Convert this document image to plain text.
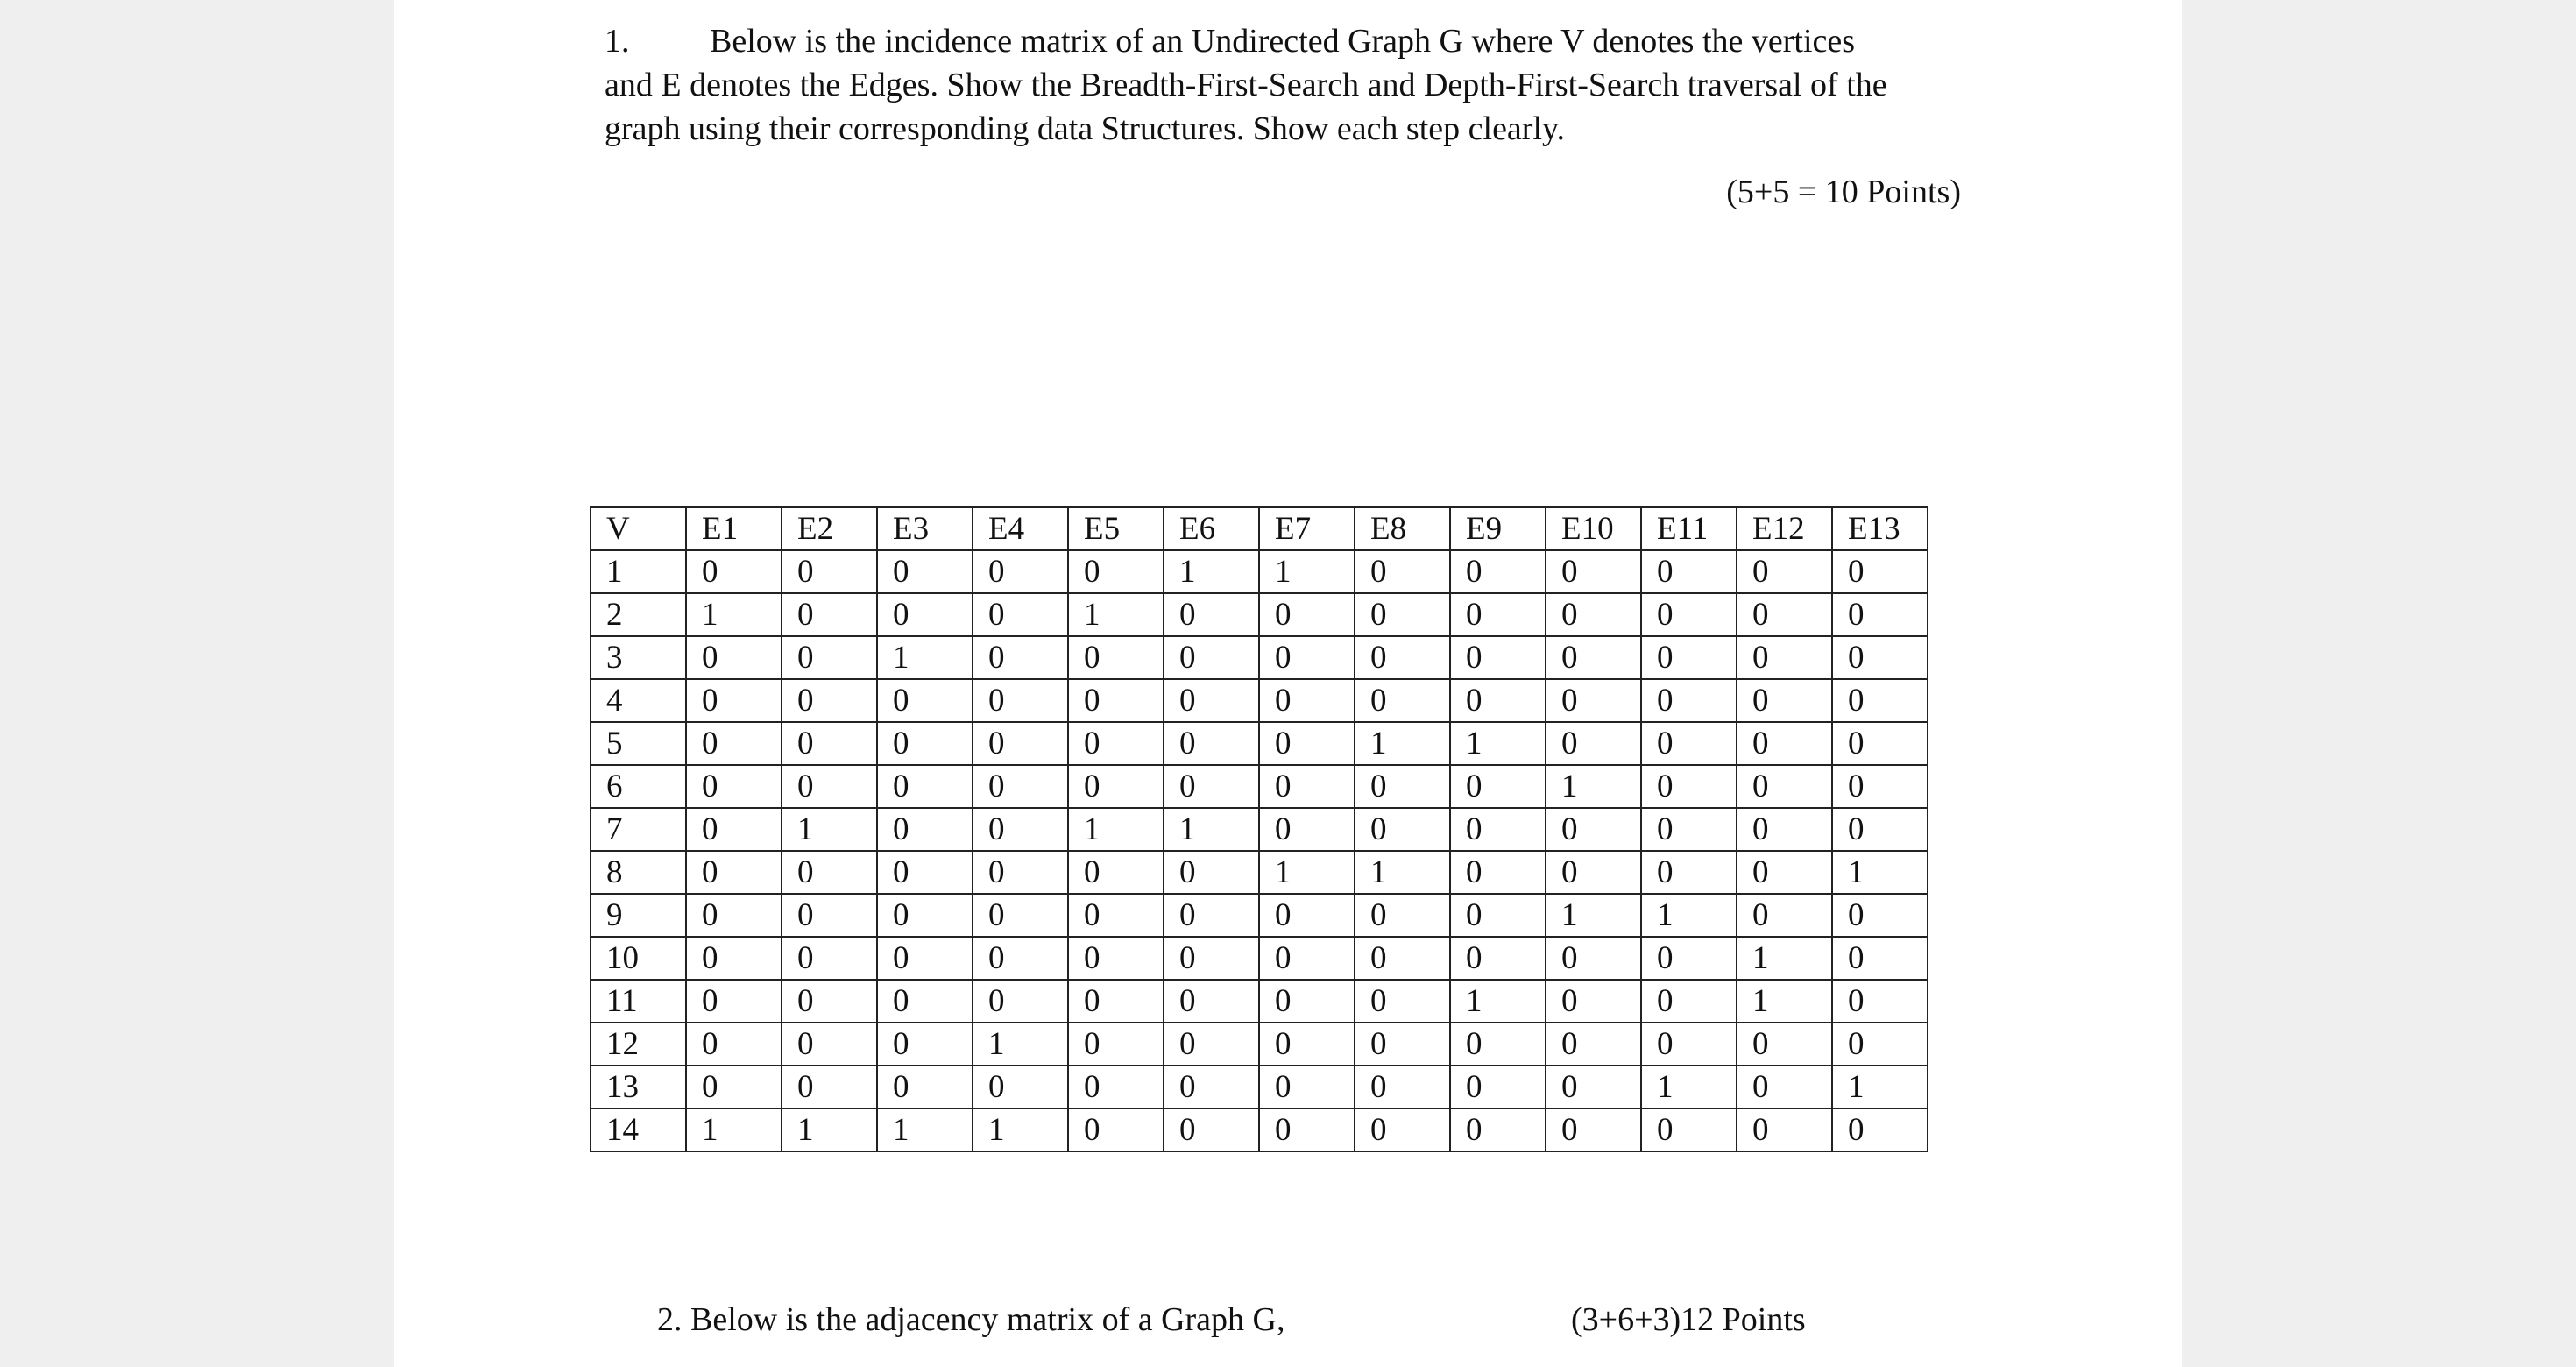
1. Below is the incidence matrix of an Undirected Graph G where V denotes the vertices
and E denotes the Edges. Show the Breadth-First-Search and Depth-First-Search traversal of the
graph using their corresponding data Structures. Show each step clearly.
(5+5 = 10 Points)
V	E1	E2	E3	E4	E5	E6	E7	E8	E9	E10	E11	E12	E13
1	0	0	0	0	0	1	1	0	0	0	0	0	0
2	1	0	0	0	1	0	0	0	0	0	0	0	0
3	0	0	1	0	0	0	0	0	0	0	0	0	0
4	0	0	0	0	0	0	0	0	0	0	0	0	0
5	0	0	0	0	0	0	0	1	1	0	0	0	0
6	0	0	0	0	0	0	0	0	0	1	0	0	0
7	0	1	0	0	1	1	0	0	0	0	0	0	0
8	0	0	0	0	0	0	1	1	0	0	0	0	1
9	0	0	0	0	0	0	0	0	0	1	1	0	0
10	0	0	0	0	0	0	0	0	0	0	0	1	0
11	0	0	0	0	0	0	0	0	1	0	0	1	0
12	0	0	0	1	0	0	0	0	0	0	0	0	0
13	0	0	0	0	0	0	0	0	0	0	1	0	1
14	1	1	1	1	0	0	0	0	0	0	0	0	0
2. Below is the adjacency matrix of a Graph G,	(3+6+3)12 Points
